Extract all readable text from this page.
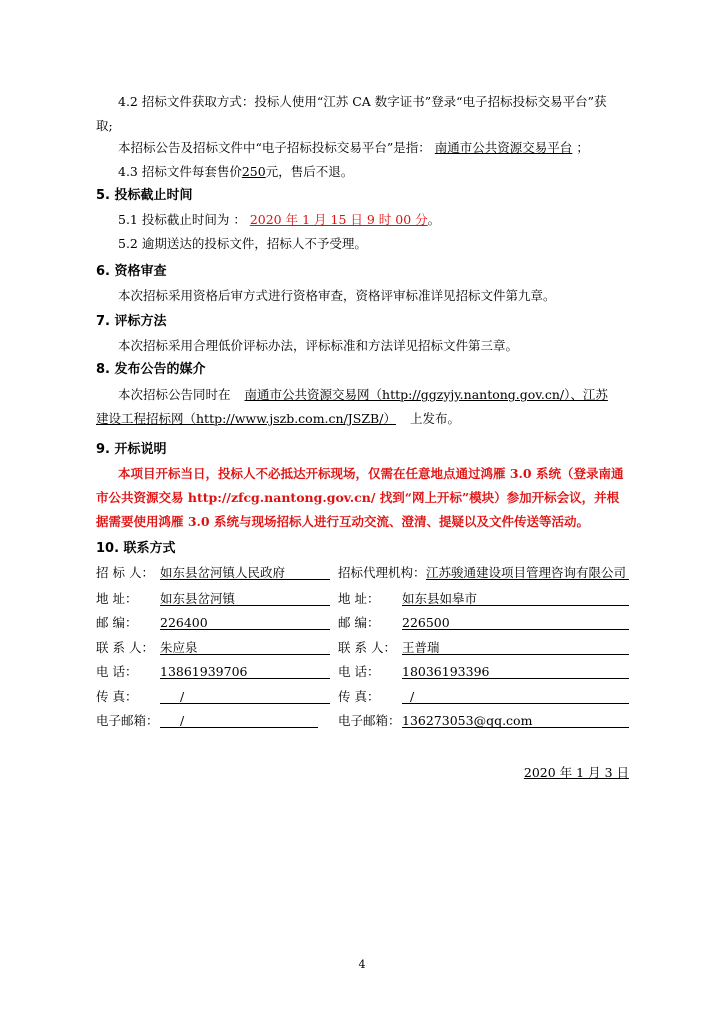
4.2 招标文件获取方式：投标人使用“江苏 CA 数字证书”登录“电子招标投标交易平台”获
取;
本招标公告及招标文件中“电子招标投标交易平台”是指： 南通市公共资源交易平台 ；
4.3 招标文件每套售价250元，售后不退。
5. 投标截止时间
5.1 投标截止时间为 ： 2020 年 1 月 15 日 9 时 00 分。
5.2 逾期送达的投标文件，招标人不予受理。
6. 资格审查
本次招标采用资格后审方式进行资格审查，资格评审标准详见招标文件第九章。
7. 评标方法
本次招标采用合理低价评标办法，评标标准和方法详见招标文件第三章。
8. 发布公告的媒介
本次招标公告同时在 南通市公共资源交易网（http://ggzyjy.nantong.gov.cn/）、江苏
建设工程招标网（http://www.jszb.com.cn/JSZB/） 上发布。
9. 开标说明
本项目开标当日，投标人不必抵达开标现场，仅需在任意地点通过鸿雁 3.0 系统（登录南通
市公共资源交易 http://zfcg.nantong.gov.cn/ 找到“网上开标”模块）参加开标会议，并根
据需要使用鸿雁 3.0 系统与现场招标人进行互动交流、澄清、提疑以及文件传送等活动。
10. 联系方式
招 标 人： 如东县岔河镇人民政府
地 址： 如东县岔河镇
邮 编： 226400
联 系 人： 朱应泉
电 话： 13861939706
传 真：	/
电子邮箱： /
招标代理机构： 江苏骏通建设项目管理咨询有限公司
地 址： 如东县如皋市
邮 编： 226500
联 系 人： 王普瑞
电 话： 18036193396
传 真： /
电子邮箱： 136273053@qq.com
2020 年 1 月 3 日
4
